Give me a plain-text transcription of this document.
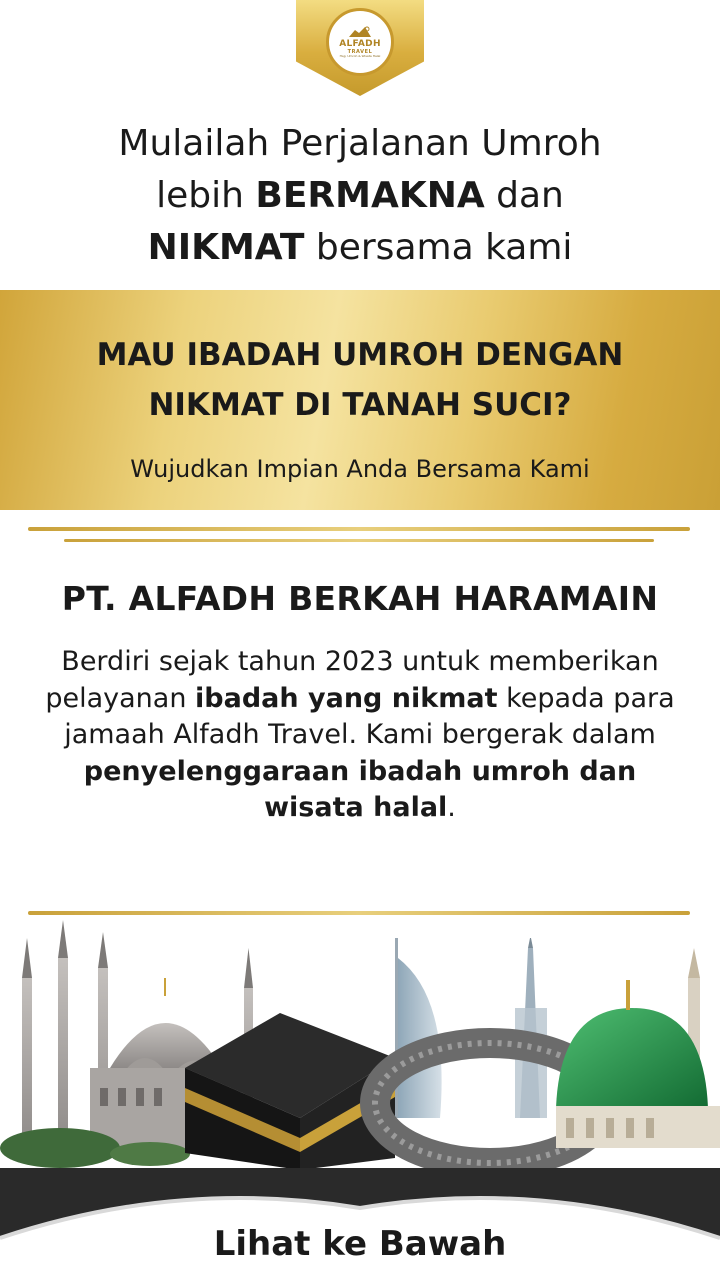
ALFADH
TRAVEL
Hajj, Umroh & Wisata Halal
Mulailah Perjalanan Umroh
lebih BERMAKNA dan
NIKMAT bersama kami
MAU IBADAH UMROH DENGAN
NIKMAT DI TANAH SUCI?
Wujudkan Impian Anda Bersama Kami
PT. ALFADH BERKAH HARAMAIN
Berdiri sejak tahun 2023 untuk memberikan pelayanan ibadah yang nikmat kepada para jamaah Alfadh Travel. Kami bergerak dalam penyelenggaraan ibadah umroh dan wisata halal.
Lihat ke Bawah
